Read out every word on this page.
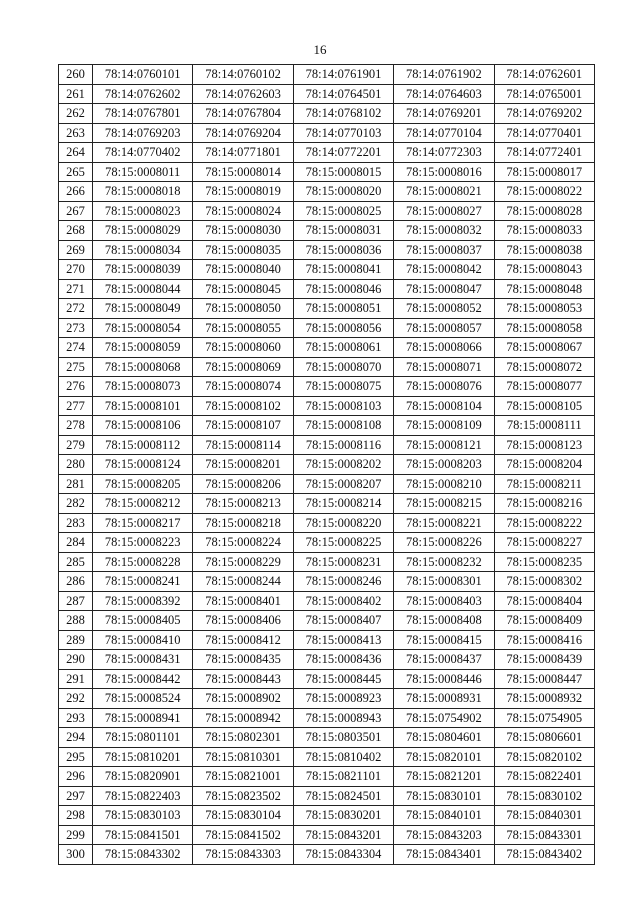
16
260	78:14:0760101	78:14:0760102	78:14:0761901	78:14:0761902	78:14:0762601
261	78:14:0762602	78:14:0762603	78:14:0764501	78:14:0764603	78:14:0765001
262	78:14:0767801	78:14:0767804	78:14:0768102	78:14:0769201	78:14:0769202
263	78:14:0769203	78:14:0769204	78:14:0770103	78:14:0770104	78:14:0770401
264	78:14:0770402	78:14:0771801	78:14:0772201	78:14:0772303	78:14:0772401
265	78:15:0008011	78:15:0008014	78:15:0008015	78:15:0008016	78:15:0008017
266	78:15:0008018	78:15:0008019	78:15:0008020	78:15:0008021	78:15:0008022
267	78:15:0008023	78:15:0008024	78:15:0008025	78:15:0008027	78:15:0008028
268	78:15:0008029	78:15:0008030	78:15:0008031	78:15:0008032	78:15:0008033
269	78:15:0008034	78:15:0008035	78:15:0008036	78:15:0008037	78:15:0008038
270	78:15:0008039	78:15:0008040	78:15:0008041	78:15:0008042	78:15:0008043
271	78:15:0008044	78:15:0008045	78:15:0008046	78:15:0008047	78:15:0008048
272	78:15:0008049	78:15:0008050	78:15:0008051	78:15:0008052	78:15:0008053
273	78:15:0008054	78:15:0008055	78:15:0008056	78:15:0008057	78:15:0008058
274	78:15:0008059	78:15:0008060	78:15:0008061	78:15:0008066	78:15:0008067
275	78:15:0008068	78:15:0008069	78:15:0008070	78:15:0008071	78:15:0008072
276	78:15:0008073	78:15:0008074	78:15:0008075	78:15:0008076	78:15:0008077
277	78:15:0008101	78:15:0008102	78:15:0008103	78:15:0008104	78:15:0008105
278	78:15:0008106	78:15:0008107	78:15:0008108	78:15:0008109	78:15:0008111
279	78:15:0008112	78:15:0008114	78:15:0008116	78:15:0008121	78:15:0008123
280	78:15:0008124	78:15:0008201	78:15:0008202	78:15:0008203	78:15:0008204
281	78:15:0008205	78:15:0008206	78:15:0008207	78:15:0008210	78:15:0008211
282	78:15:0008212	78:15:0008213	78:15:0008214	78:15:0008215	78:15:0008216
283	78:15:0008217	78:15:0008218	78:15:0008220	78:15:0008221	78:15:0008222
284	78:15:0008223	78:15:0008224	78:15:0008225	78:15:0008226	78:15:0008227
285	78:15:0008228	78:15:0008229	78:15:0008231	78:15:0008232	78:15:0008235
286	78:15:0008241	78:15:0008244	78:15:0008246	78:15:0008301	78:15:0008302
287	78:15:0008392	78:15:0008401	78:15:0008402	78:15:0008403	78:15:0008404
288	78:15:0008405	78:15:0008406	78:15:0008407	78:15:0008408	78:15:0008409
289	78:15:0008410	78:15:0008412	78:15:0008413	78:15:0008415	78:15:0008416
290	78:15:0008431	78:15:0008435	78:15:0008436	78:15:0008437	78:15:0008439
291	78:15:0008442	78:15:0008443	78:15:0008445	78:15:0008446	78:15:0008447
292	78:15:0008524	78:15:0008902	78:15:0008923	78:15:0008931	78:15:0008932
293	78:15:0008941	78:15:0008942	78:15:0008943	78:15:0754902	78:15:0754905
294	78:15:0801101	78:15:0802301	78:15:0803501	78:15:0804601	78:15:0806601
295	78:15:0810201	78:15:0810301	78:15:0810402	78:15:0820101	78:15:0820102
296	78:15:0820901	78:15:0821001	78:15:0821101	78:15:0821201	78:15:0822401
297	78:15:0822403	78:15:0823502	78:15:0824501	78:15:0830101	78:15:0830102
298	78:15:0830103	78:15:0830104	78:15:0830201	78:15:0840101	78:15:0840301
299	78:15:0841501	78:15:0841502	78:15:0843201	78:15:0843203	78:15:0843301
300	78:15:0843302	78:15:0843303	78:15:0843304	78:15:0843401	78:15:0843402
